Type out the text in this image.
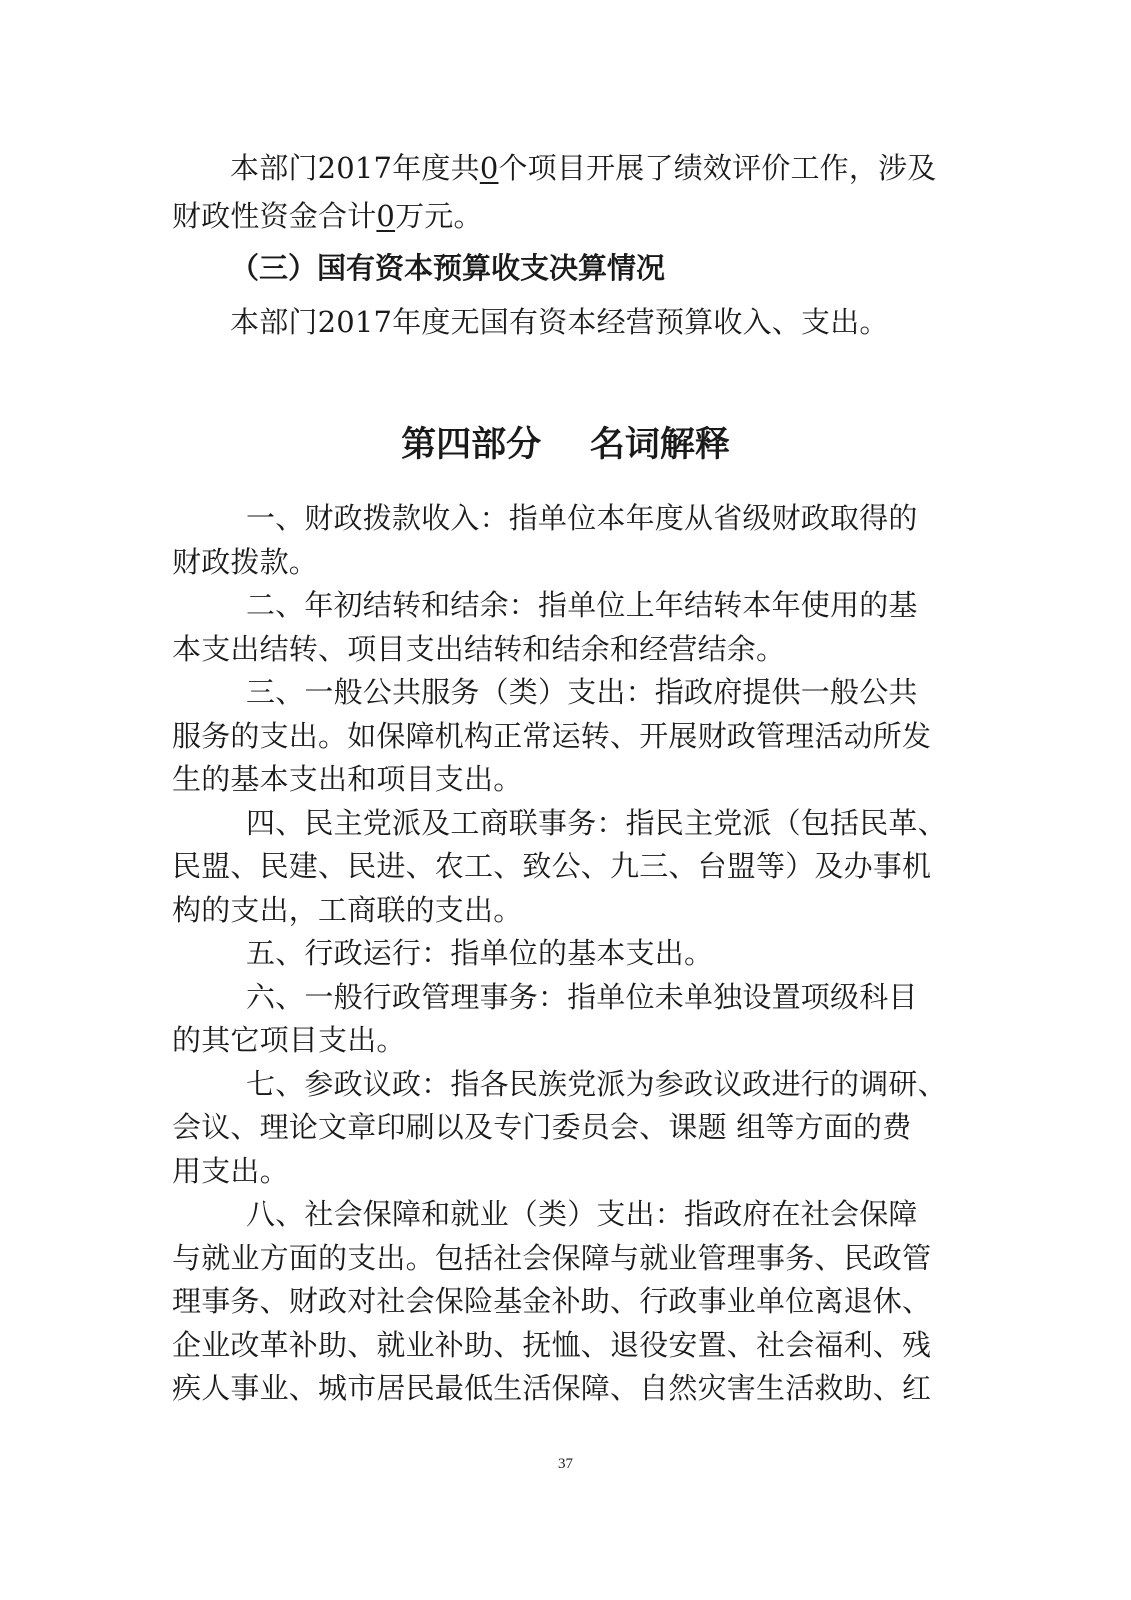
本部门2017年度共0个项目开展了绩效评价工作，涉及
财政性资金合计0万元。
（三）国有资本预算收支决算情况
本部门2017年度无国有资本经营预算收入、支出。
第四部分    名词解释
一、财政拨款收入：指单位本年度从省级财政取得的
财政拨款。
二、年初结转和结余：指单位上年结转本年使用的基
本支出结转、项目支出结转和结余和经营结余。
三、一般公共服务（类）支出：指政府提供一般公共
服务的支出。如保障机构正常运转、开展财政管理活动所发
生的基本支出和项目支出。
四、民主党派及工商联事务：指民主党派（包括民革、
民盟、民建、民进、农工、致公、九三、台盟等）及办事机
构的支出，工商联的支出。
五、行政运行：指单位的基本支出。
六、一般行政管理事务：指单位未单独设置项级科目
的其它项目支出。
七、参政议政：指各民族党派为参政议政进行的调研、
会议、理论文章印刷以及专门委员会、课题 组等方面的费
用支出。
八、社会保障和就业（类）支出：指政府在社会保障
与就业方面的支出。包括社会保障与就业管理事务、民政管
理事务、财政对社会保险基金补助、行政事业单位离退休、
企业改革补助、就业补助、抚恤、退役安置、社会福利、残
疾人事业、城市居民最低生活保障、自然灾害生活救助、红
37
